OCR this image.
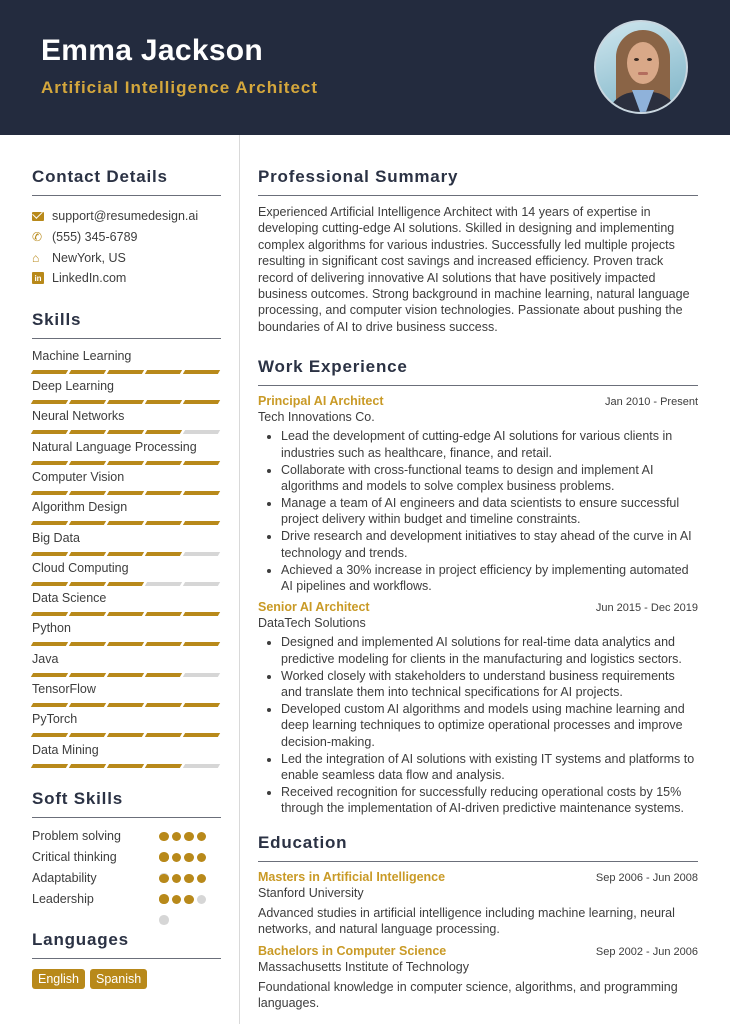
Emma Jackson
Artificial Intelligence Architect
Contact Details
support@resumedesign.ai
✆ (555) 345-6789
⌂	NewYork, US
in LinkedIn.com
Skills
Machine Learning
Deep Learning
Neural Networks
Natural Language Processing
Computer Vision
Algorithm Design
Big Data
Cloud Computing
Data Science
Python
Java
TensorFlow
PyTorch
Data Mining
Soft Skills
Problem solving
Critical thinking
Adaptability
Leadership
Languages
English	Spanish
Professional Summary

Experienced Artificial Intelligence Architect with 14 years of expertise in developing cutting-edge AI solutions. Skilled in designing and implementing complex algorithms for various industries. Successfully led multiple projects resulting in significant cost savings and increased efficiency. Proven track record of delivering innovative AI solutions that have positively impacted business outcomes. Strong background in machine learning, natural language processing, and computer vision technologies. Passionate about pushing the boundaries of AI to drive business success.

Work Experience
Principal AI Architect	Jan 2010 - Present
Tech Innovations Co.
• Lead the development of cutting-edge AI solutions for various clients in industries such as healthcare, finance, and retail.
• Collaborate with cross-functional teams to design and implement AI algorithms and models to solve complex business problems.
• Manage a team of AI engineers and data scientists to ensure successful project delivery within budget and timeline constraints.
• Drive research and development initiatives to stay ahead of the curve in AI technology and trends.
• Achieved a 30% increase in project efficiency by implementing automated AI pipelines and workflows.
Senior AI Architect	Jun 2015 - Dec 2019
DataTech Solutions
• Designed and implemented AI solutions for real-time data analytics and predictive modeling for clients in the manufacturing and logistics sectors.
• Worked closely with stakeholders to understand business requirements and translate them into technical specifications for AI projects.
• Developed custom AI algorithms and models using machine learning and deep learning techniques to optimize operational processes and improve decision-making.
• Led the integration of AI solutions with existing IT systems and platforms to enable seamless data flow and analysis.
• Received recognition for successfully reducing operational costs by 15% through the implementation of AI-driven predictive maintenance systems.
Education
Masters in Artificial Intelligence	Sep 2006 - Jun 2008
Stanford University

Advanced studies in artificial intelligence including machine learning, neural networks, and natural language processing.

Bachelors in Computer Science	Sep 2002 - Jun 2006
Massachusetts Institute of Technology

Foundational knowledge in computer science, algorithms, and programming languages.
